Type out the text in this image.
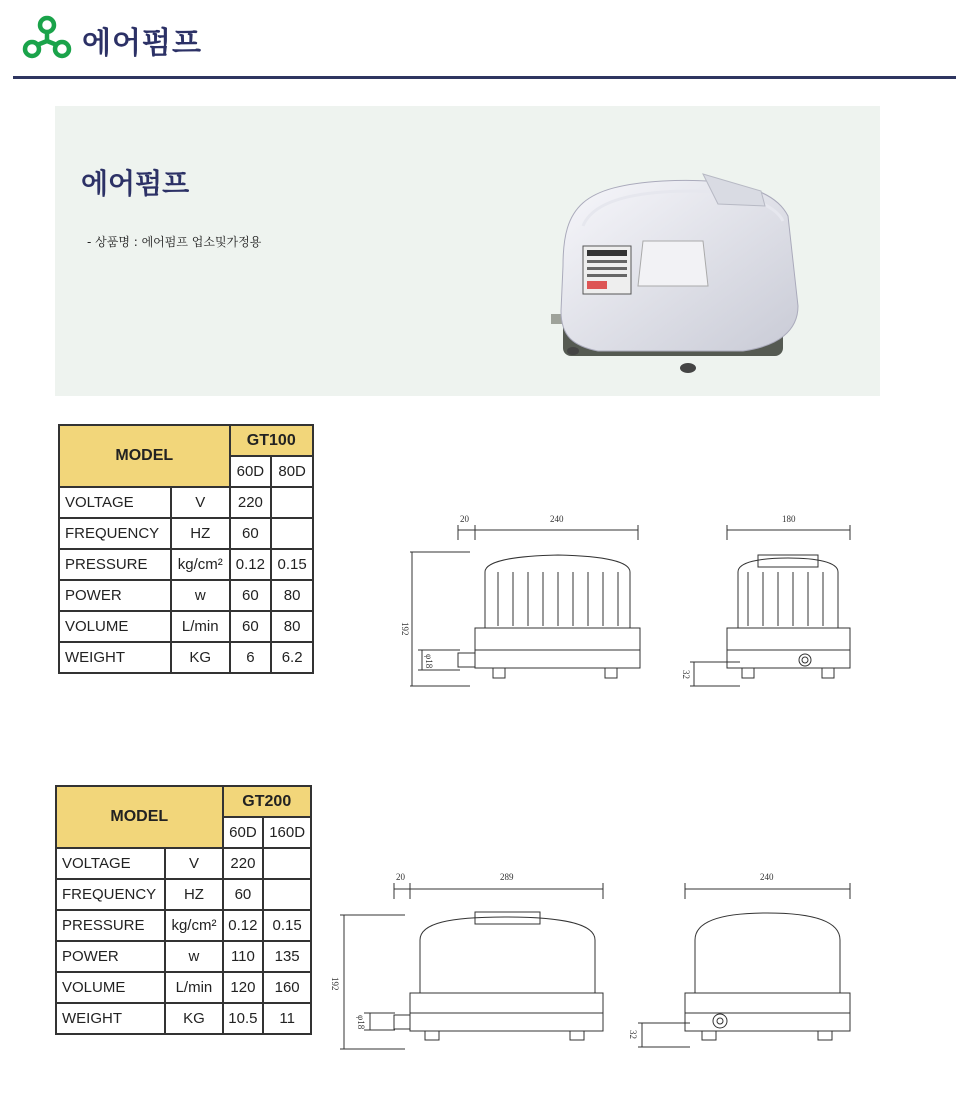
에어펌프
에어펌프
- 상품명 : 에어펌프 업소및가정용
MODEL		GT100	
		60D	80D
VOLTAGE	V	220	
FREQUENCY	HZ	60	
PRESSURE	kg/cm²	0.12	0.15
POWER	w	60	80
VOLUME	L/min	60	80
WEIGHT	KG	6	6.2
20	240	180
192
φ18
32
MODEL		GT200	
		60D	160D
VOLTAGE	V	220	
FREQUENCY	HZ	60	
PRESSURE	kg/cm²	0.12	0.15
POWER	w	110	135
VOLUME	L/min	120	160
WEIGHT	KG	10.5	11
20	289	240
192
φ18
32
